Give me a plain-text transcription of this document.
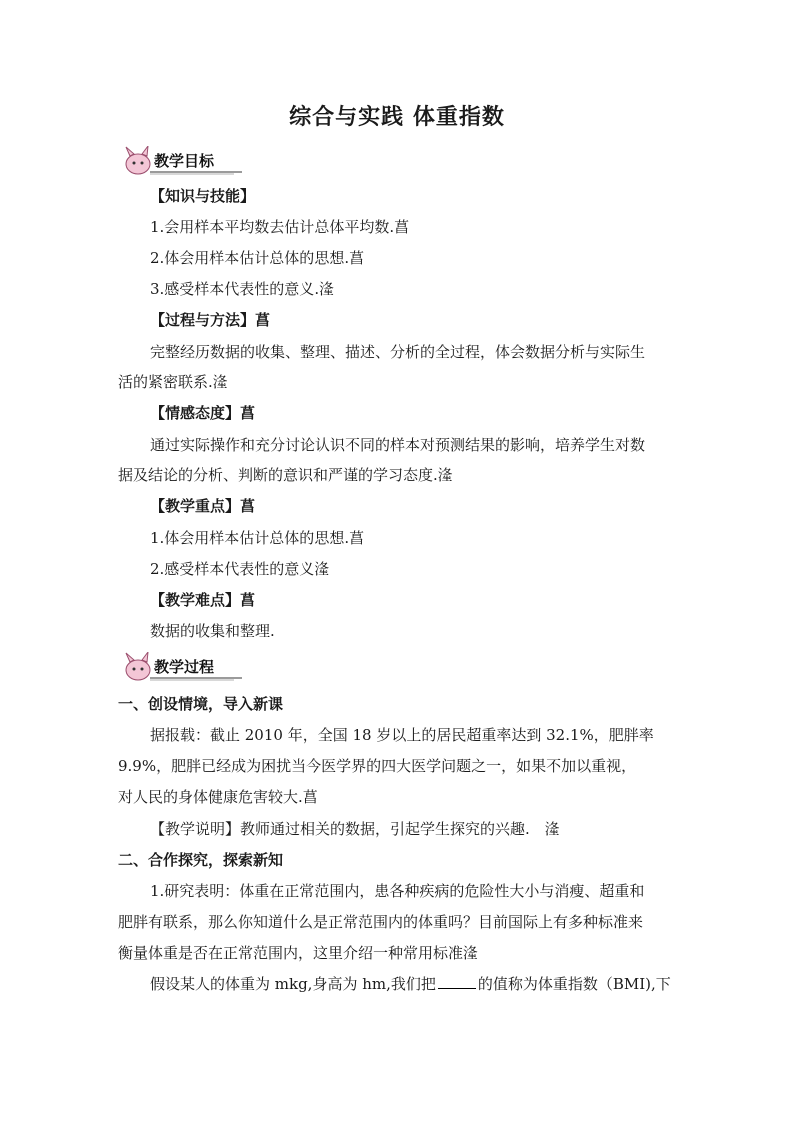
综合与实践 体重指数
教学目标
【知识与技能】
1.会用样本平均数去估计总体平均数.菖
2.体会用样本估计总体的思想.菖
3.感受样本代表性的意义.湰
【过程与方法】菖
完整经历数据的收集、整理、描述、分析的全过程，体会数据分析与实际生
活的紧密联系.湰
【情感态度】菖
通过实际操作和充分讨论认识不同的样本对预测结果的影响，培养学生对数
据及结论的分析、判断的意识和严谨的学习态度.湰
【教学重点】菖
1.体会用样本估计总体的思想.菖
2.感受样本代表性的意义湰
【教学难点】菖
数据的收集和整理.
教学过程
一、创设情境，导入新课
据报载：截止 2010 年，全国 18 岁以上的居民超重率达到 32.1%，肥胖率
9.9%，肥胖已经成为困扰当今医学界的四大医学问题之一，如果不加以重视，
对人民的身体健康危害较大.菖
【教学说明】教师通过相关的数据，引起学生探究的兴趣.　湰
二、合作探究，探索新知
1.研究表明：体重在正常范围内，患各种疾病的危险性大小与消瘦、超重和
肥胖有联系，那么你知道什么是正常范围内的体重吗？目前国际上有多种标准来
衡量体重是否在正常范围内，这里介绍一种常用标准湰
假设某人的体重为 mkg,身高为 hm,我们把	的值称为体重指数（BMI),下
